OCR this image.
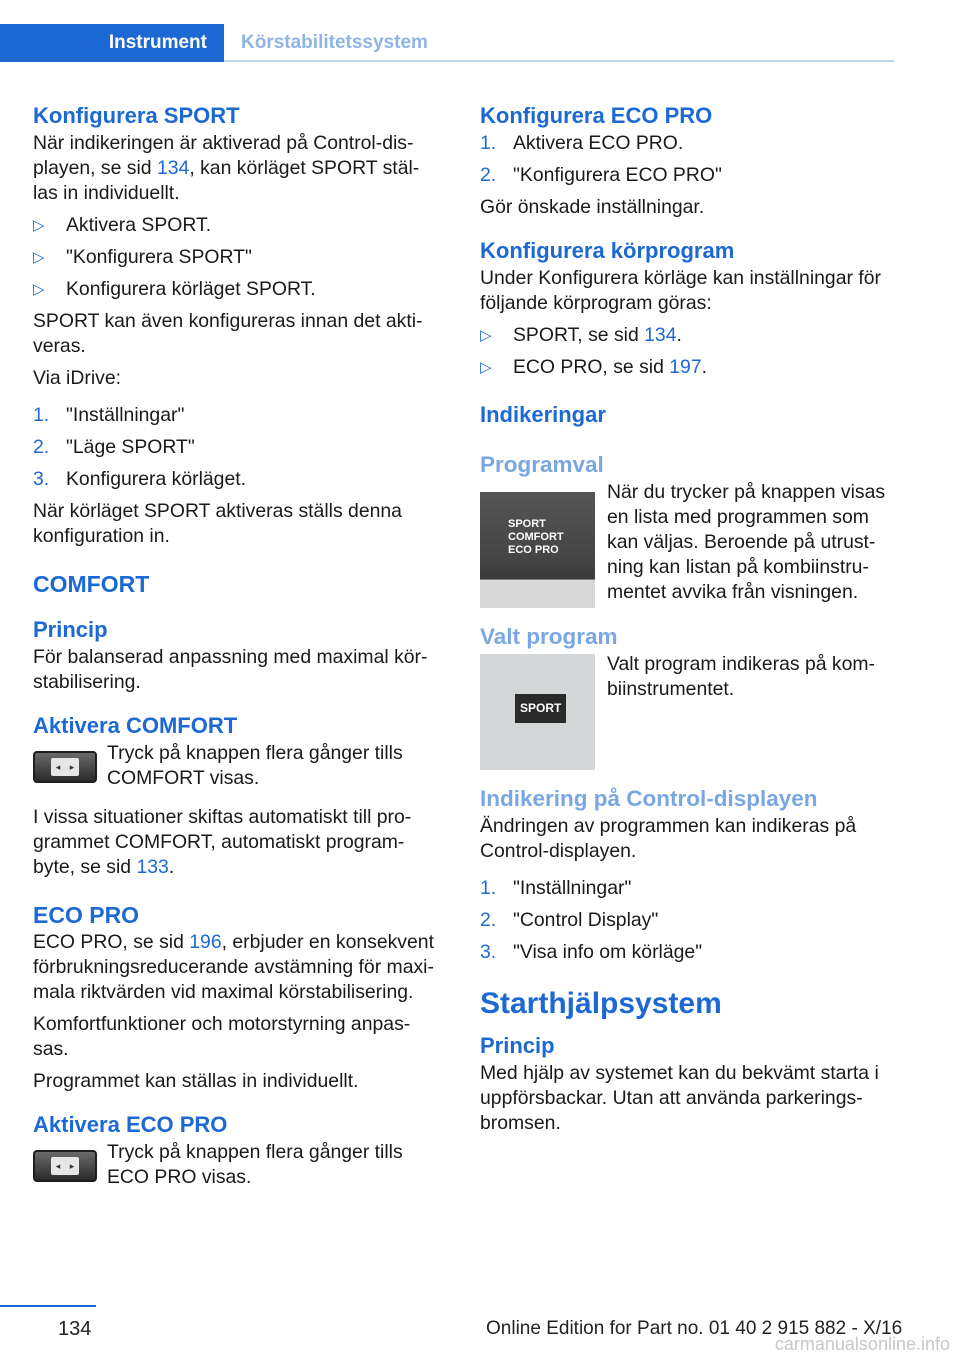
Instrument Körstabilitetssystem
Konfigurera SPORT
När indikeringen är aktiverad på Control-dis-
playen, se sid 134, kan körläget SPORT stäl-
las in individuellt.
▷ Aktivera SPORT.
▷ "Konfigurera SPORT"
▷ Konfigurera körläget SPORT.
SPORT kan även konfigureras innan det akti-
veras.
Via iDrive:
1. "Inställningar"
2. "Läge SPORT"
3. Konfigurera körläget.
När körläget SPORT aktiveras ställs denna
konfiguration in.
COMFORT
Princip
För balanserad anpassning med maximal kör-
stabilisering.
Aktivera COMFORT
◂ ▸
Tryck på knappen flera gånger tills
COMFORT visas.
I vissa situationer skiftas automatiskt till pro-
grammet COMFORT, automatiskt program-
byte, se sid 133.
ECO PRO
ECO PRO, se sid 196, erbjuder en konsekvent
förbrukningsreducerande avstämning för maxi-
mala riktvärden vid maximal körstabilisering.
Komfortfunktioner och motorstyrning anpas-
sas.
Programmet kan ställas in individuellt.
Aktivera ECO PRO
◂ ▸
Tryck på knappen flera gånger tills
ECO PRO visas.
Konfigurera ECO PRO
1. Aktivera ECO PRO.
2. "Konfigurera ECO PRO"
Gör önskade inställningar.
Konfigurera körprogram
Under Konfigurera körläge kan inställningar för
följande körprogram göras:
▷ SPORT, se sid 134.
▷ ECO PRO, se sid 197.
Indikeringar
Programval
SPORT
COMFORT
ECO PRO
När du trycker på knappen visas
en lista med programmen som
kan väljas. Beroende på utrust-
ning kan listan på kombiinstru-
mentet avvika från visningen.
Valt program
SPORT
Valt program indikeras på kom-
biinstrumentet.
Indikering på Control-displayen
Ändringen av programmen kan indikeras på
Control-displayen.
1. "Inställningar"
2. "Control Display"
3. "Visa info om körläge"
Starthjälpsystem
Princip
Med hjälp av systemet kan du bekvämt starta i
uppförsbackar. Utan att använda parkerings-
bromsen.
134	Online Edition for Part no. 01 40 2 915 882 - X/16
carmanualsonline.info
